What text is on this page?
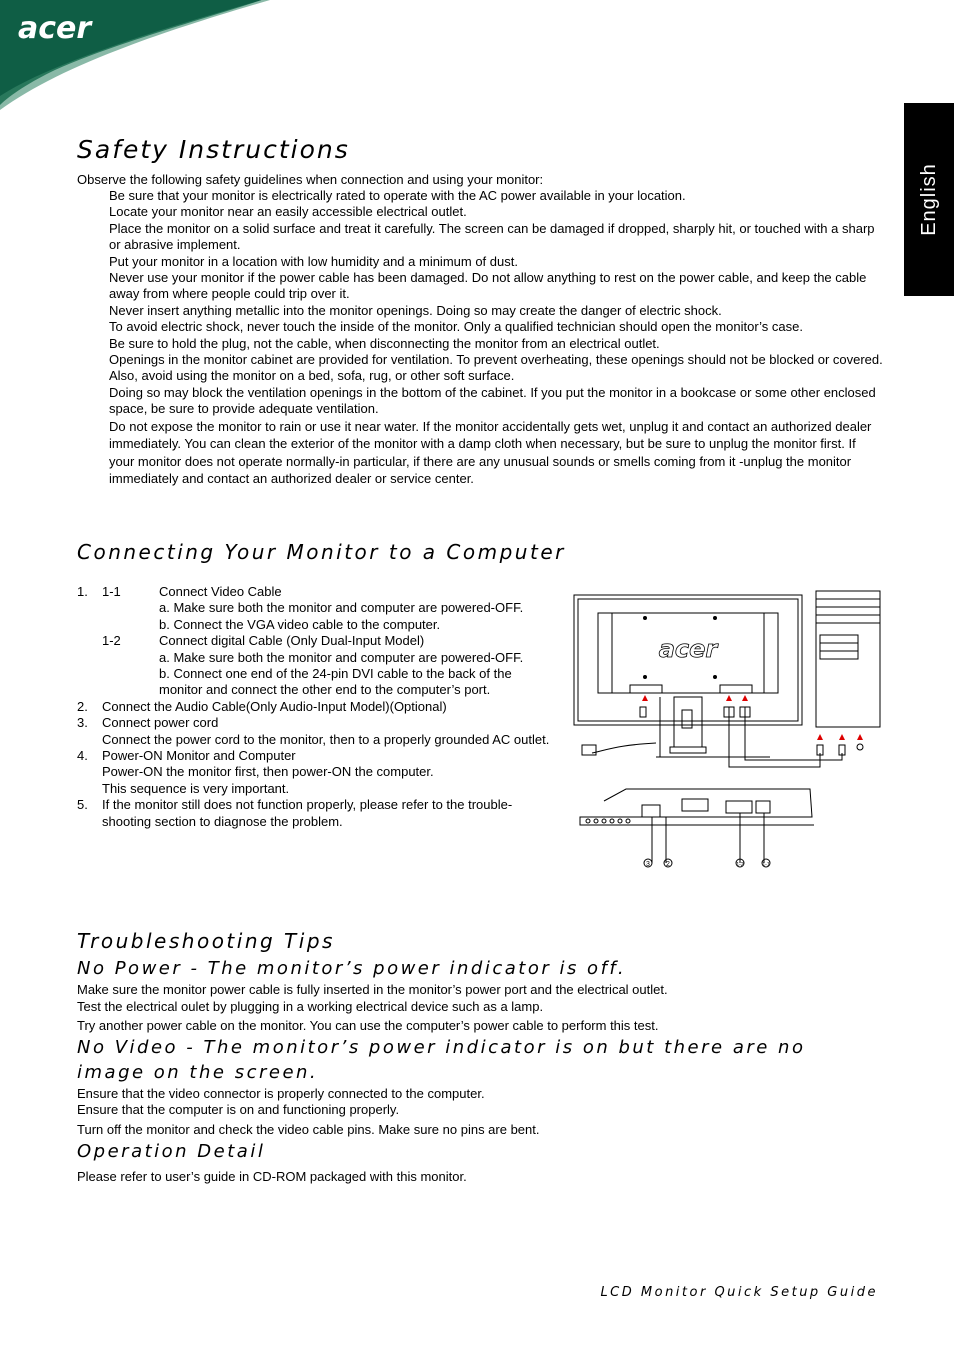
acer
English
Safety Instructions

Observe the following safety guidelines when connection and using your monitor:

Be sure that your monitor is electrically rated to operate with the AC power available in your location.
Locate your monitor near an easily accessible electrical outlet.
Place the monitor on a solid surface and treat it carefully. The screen can be damaged if dropped, sharply hit, or touched with a sharp or abrasive implement.
Put your monitor in a location with low humidity and a minimum of dust.
Never use your monitor if the power cable has been damaged. Do not allow anything to rest on the power cable, and keep the cable away from where people could trip over it.
Never insert anything metallic into the monitor openings. Doing so may create the danger of electric shock.
To avoid electric shock, never touch the inside of the monitor. Only a qualified technician should open the monitor’s case.
Be sure to hold the plug, not the cable, when disconnecting the monitor from an electrical outlet.
Openings in the monitor cabinet are provided for ventilation. To prevent overheating, these openings should not be blocked or covered. Also, avoid using the monitor on a bed, sofa, rug, or other soft surface.
Doing so may block the ventilation openings in the bottom of the cabinet. If you put the monitor in a bookcase or some other enclosed space, be sure to provide adequate ventilation.
Do not expose the monitor to rain or use it near water. If the monitor accidentally gets wet, unplug it and contact an authorized dealer immediately. You can clean the exterior of the monitor with a damp cloth when necessary, but be sure to unplug the monitor first. If your monitor does not operate normally-in particular, if there are any unusual sounds or smells coming from it -unplug the monitor immediately and contact an authorized dealer or service center.
Connecting Your Monitor to a Computer
1. 1-1	Connect Video Cable
a. Make sure both the monitor and computer are powered-OFF.
b. Connect the VGA video cable to the computer.
1-2	Connect digital Cable (Only Dual-Input Model)
a. Make sure both the monitor and computer are powered-OFF.
b. Connect one end of the 24-pin DVI cable to the back of the monitor and connect the other end to the computer’s port.
2. Connect the Audio Cable(Only Audio-Input Model)(Optional)
3. Connect power cord
Connect the power cord to the monitor, then to a properly grounded AC outlet.
4. Power-ON Monitor and Computer
Power-ON the monitor first, then power-ON the computer.
This sequence is very important.
5. If the monitor still does not function properly, please refer to the trouble-shooting section to diagnose the problem.
acer
3 2	1-2	1-1
Troubleshooting Tips
No Power - The monitor’s power indicator is off.

Make sure the monitor power cable is fully inserted in the monitor’s power port and the electrical outlet.

Test the electrical oulet by plugging in a working electrical device such as a lamp.

Try another power cable on the monitor. You can use the computer’s power cable to perform this test.

No Video - The monitor’s power indicator is on but there are no image on the screen.

Ensure that the video connector is properly connected to the computer.

Ensure that the computer is on and functioning properly.

Turn off the monitor and check the video cable pins. Make sure no pins are bent.

Operation Detail

Please refer to user’s guide in CD-ROM packaged with this monitor.

LCD Monitor Quick Setup Guide
